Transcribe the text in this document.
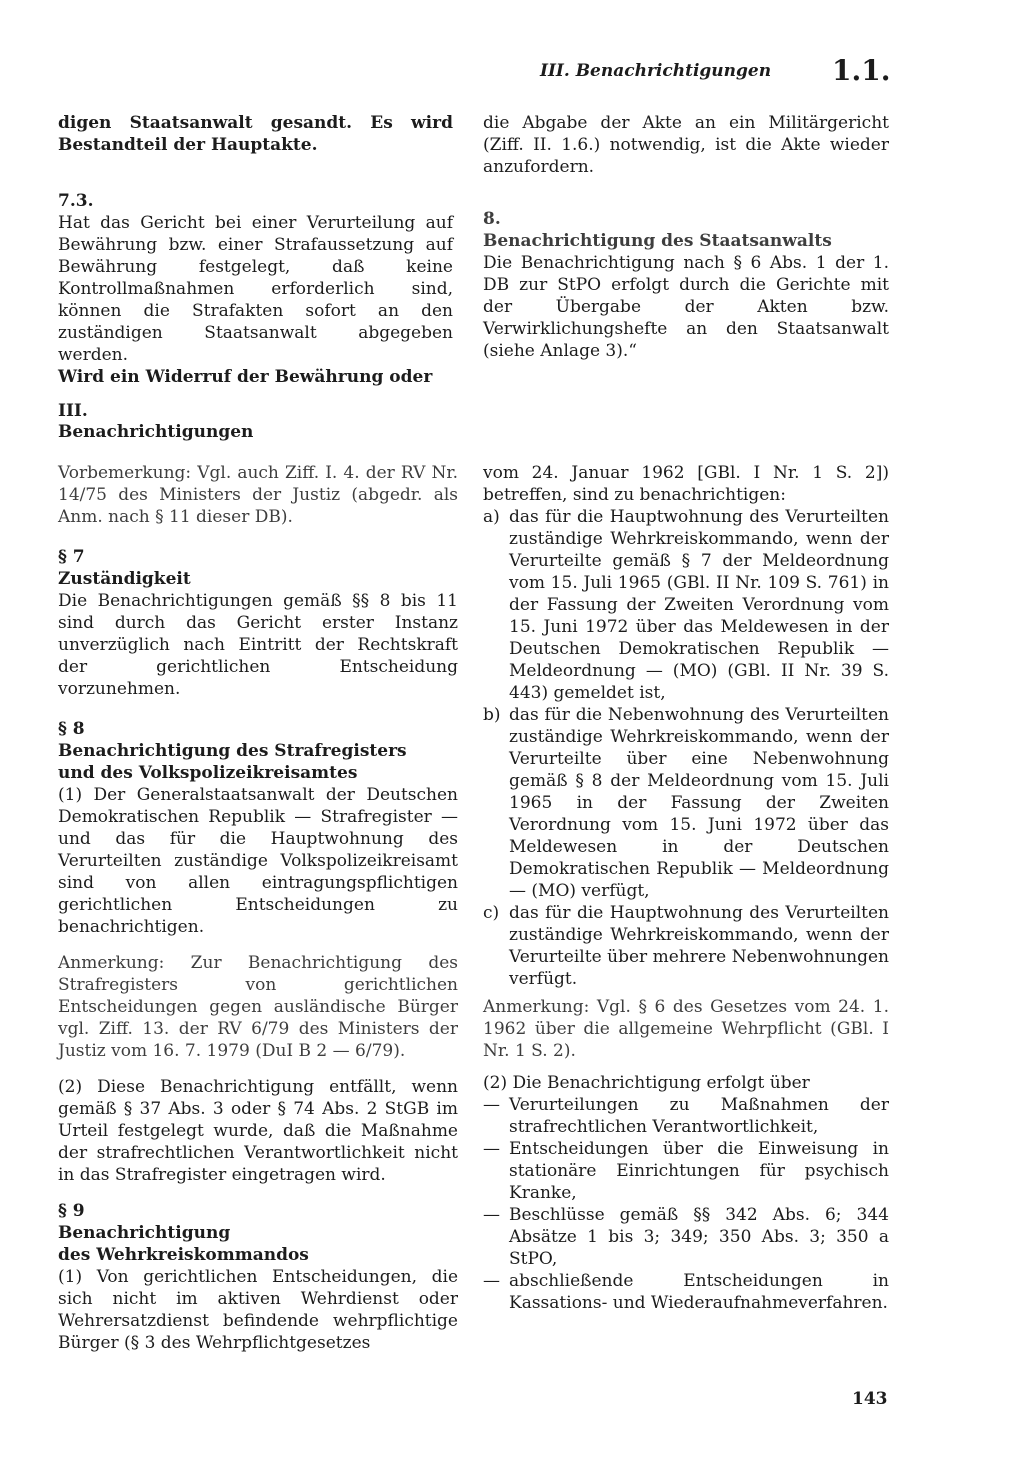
III. Benachrichtigungen 1.1.

digen Staatsanwalt gesandt. Es wird Bestandteil der Hauptakte.

7.3.

Hat das Gericht bei einer Verurteilung auf Bewährung bzw. einer Strafaussetzung auf Bewährung festgelegt, daß keine Kontrollmaßnahmen erforderlich sind, können die Strafakten sofort an den zuständigen Staatsanwalt abgegeben werden.

Wird ein Widerruf der Bewährung oder

die Abgabe der Akte an ein Militärgericht (Ziff. II. 1.6.) notwendig, ist die Akte wieder anzufordern.

8.
Benachrichtigung des Staatsanwalts

Die Benachrichtigung nach § 6 Abs. 1 der 1. DB zur StPO erfolgt durch die Gerichte mit der Übergabe der Akten bzw. Verwirklichungshefte an den Staatsanwalt (siehe Anlage 3).“

III.
Benachrichtigungen

Vorbemerkung: Vgl. auch Ziff. I. 4. der RV Nr. 14/75 des Ministers der Justiz (abgedr. als Anm. nach § 11 dieser DB).

§ 7
Zuständigkeit

Die Benachrichtigungen gemäß §§ 8 bis 11 sind durch das Gericht erster Instanz unverzüglich nach Eintritt der Rechtskraft der gerichtlichen Entscheidung vorzunehmen.

§ 8
Benachrichtigung des Strafregisters
und des Volkspolizeikreisamtes

(1) Der Generalstaatsanwalt der Deutschen Demokratischen Republik — Strafregister — und das für die Hauptwohnung des Verurteilten zuständige Volkspolizeikreisamt sind von allen eintragungspflichtigen gerichtlichen Entscheidungen zu benachrichtigen.

Anmerkung: Zur Benachrichtigung des Strafregisters von gerichtlichen Entscheidungen gegen ausländische Bürger vgl. Ziff. 13. der RV 6/79 des Ministers der Justiz vom 16. 7. 1979 (DuI B 2 — 6/79).

(2) Diese Benachrichtigung entfällt, wenn gemäß § 37 Abs. 3 oder § 74 Abs. 2 StGB im Urteil festgelegt wurde, daß die Maßnahme der strafrechtlichen Verantwortlichkeit nicht in das Strafregister eingetragen wird.

§ 9
Benachrichtigung
des Wehrkreiskommandos

(1) Von gerichtlichen Entscheidungen, die sich nicht im aktiven Wehrdienst oder Wehrersatzdienst befindende wehrpflichtige Bürger (§ 3 des Wehrpflichtgesetzes

vom 24. Januar 1962 [GBl. I Nr. 1 S. 2]) betreffen, sind zu benachrichtigen:

a) das für die Hauptwohnung des Verurteilten zuständige Wehrkreiskommando, wenn der Verurteilte gemäß § 7 der Meldeordnung vom 15. Juli 1965 (GBl. II Nr. 109 S. 761) in der Fassung der Zweiten Verordnung vom 15. Juni 1972 über das Meldewesen in der Deutschen Demokratischen Republik — Meldeordnung — (MO) (GBl. II Nr. 39 S. 443) gemeldet ist,
b) das für die Nebenwohnung des Verurteilten zuständige Wehrkreiskommando, wenn der Verurteilte über eine Nebenwohnung gemäß § 8 der Meldeordnung vom 15. Juli 1965 in der Fassung der Zweiten Verordnung vom 15. Juni 1972 über das Meldewesen in der Deutschen Demokratischen Republik — Meldeordnung — (MO) verfügt,
c) das für die Hauptwohnung des Verurteilten zuständige Wehrkreiskommando, wenn der Verurteilte über mehrere Nebenwohnungen verfügt.

Anmerkung: Vgl. § 6 des Gesetzes vom 24. 1. 1962 über die allgemeine Wehrpflicht (GBl. I Nr. 1 S. 2).

(2) Die Benachrichtigung erfolgt über

— Verurteilungen zu Maßnahmen der strafrechtlichen Verantwortlichkeit,
— Entscheidungen über die Einweisung in stationäre Einrichtungen für psychisch Kranke,
— Beschlüsse gemäß §§ 342 Abs. 6; 344 Absätze 1 bis 3; 349; 350 Abs. 3; 350 a StPO,
— abschließende Entscheidungen in Kassations- und Wiederaufnahmeverfahren.
143
